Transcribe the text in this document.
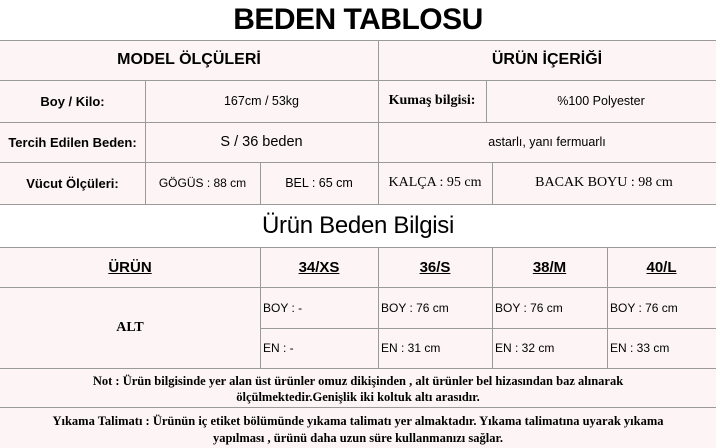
BEDEN TABLOSU
MODEL ÖLÇÜLERİ	ÜRÜN İÇERİĞİ
Boy / Kilo:	167cm / 53kg	Kumaş bilgisi:	%100 Polyester
Tercih Edilen Beden:	S / 36 beden	astarlı, yanı fermuarlı
Vücut Ölçüleri:	GÖGÜS : 88 cm	BEL : 65 cm	KALÇA : 95 cm	BACAK BOYU : 98 cm
Ürün Beden Bilgisi
ÜRÜN	34/XS	36/S	38/M	40/L
ALT
BOY : -	BOY : 76 cm	BOY : 76 cm	BOY : 76 cm
EN : -	EN : 31 cm	EN : 32 cm	EN : 33 cm
Not : Ürün bilgisinde yer alan üst ürünler omuz dikişinden , alt ürünler bel hizasından baz alınarak
ölçülmektedir.Genişlik iki koltuk altı arasıdır.
Yıkama Talimatı : Ürünün iç etiket bölümünde yıkama talimatı yer almaktadır. Yıkama talimatına uyarak yıkama
yapılması , ürünü daha uzun süre kullanmanızı sağlar.
